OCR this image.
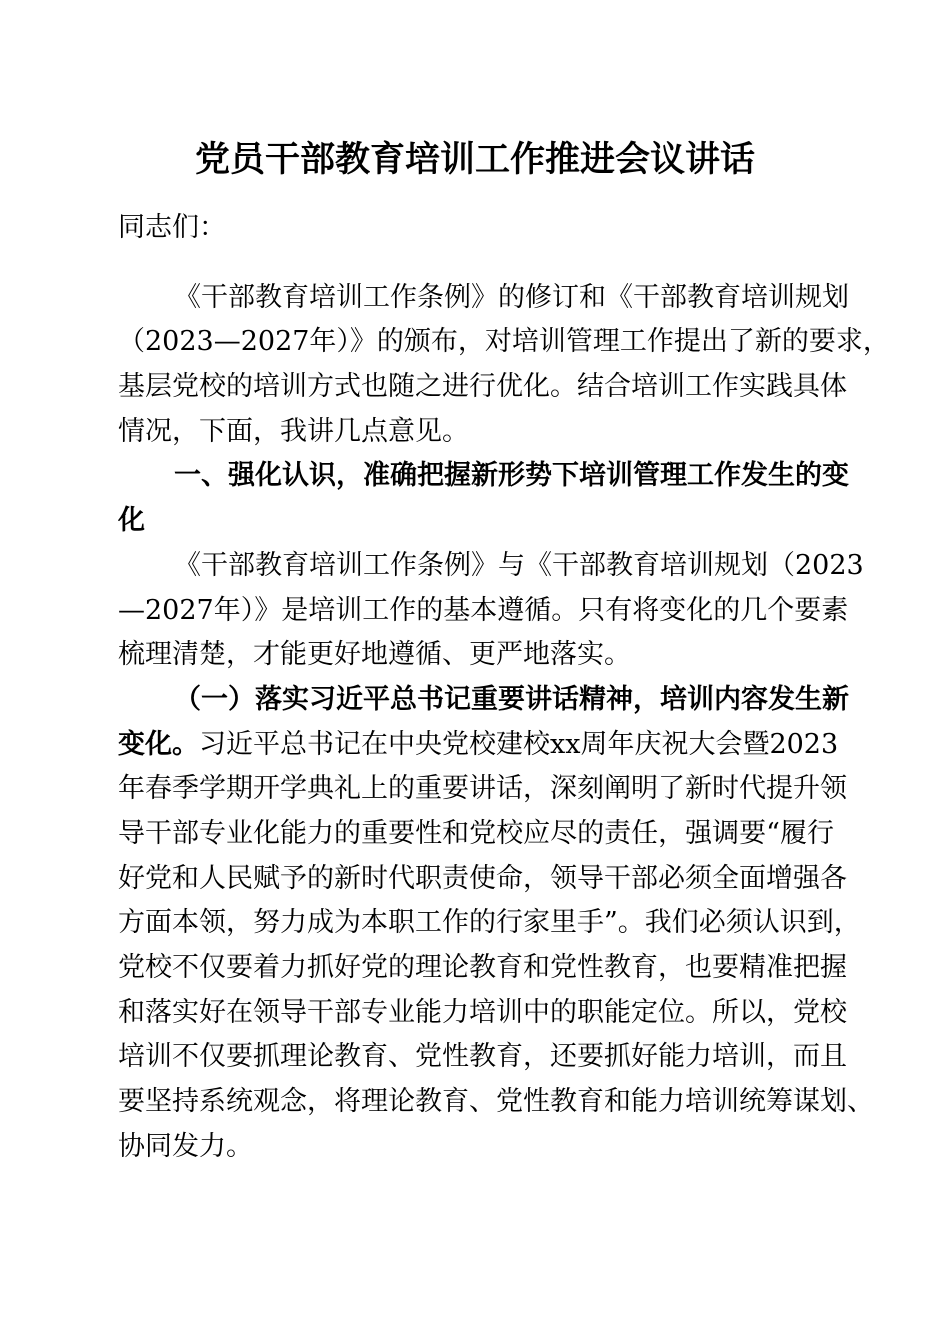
党员干部教育培训工作推进会议讲话
同志们：
《干部教育培训工作条例》的修订和《干部教育培训规划
（2023—2027年）》的颁布，对培训管理工作提出了新的要求，
基层党校的培训方式也随之进行优化。结合培训工作实践具体
情况，下面，我讲几点意见。
一、强化认识，准确把握新形势下培训管理工作发生的变
化
《干部教育培训工作条例》与《干部教育培训规划（2023
—2027年）》是培训工作的基本遵循。只有将变化的几个要素
梳理清楚，才能更好地遵循、更严地落实。
（一）落实习近平总书记重要讲话精神，培训内容发生新
变化。习近平总书记在中央党校建校xx周年庆祝大会暨2023
年春季学期开学典礼上的重要讲话，深刻阐明了新时代提升领
导干部专业化能力的重要性和党校应尽的责任，强调要“履行
好党和人民赋予的新时代职责使命，领导干部必须全面增强各
方面本领，努力成为本职工作的行家里手”。我们必须认识到，
党校不仅要着力抓好党的理论教育和党性教育，也要精准把握
和落实好在领导干部专业能力培训中的职能定位。所以，党校
培训不仅要抓理论教育、党性教育，还要抓好能力培训，而且
要坚持系统观念，将理论教育、党性教育和能力培训统筹谋划、
协同发力。
